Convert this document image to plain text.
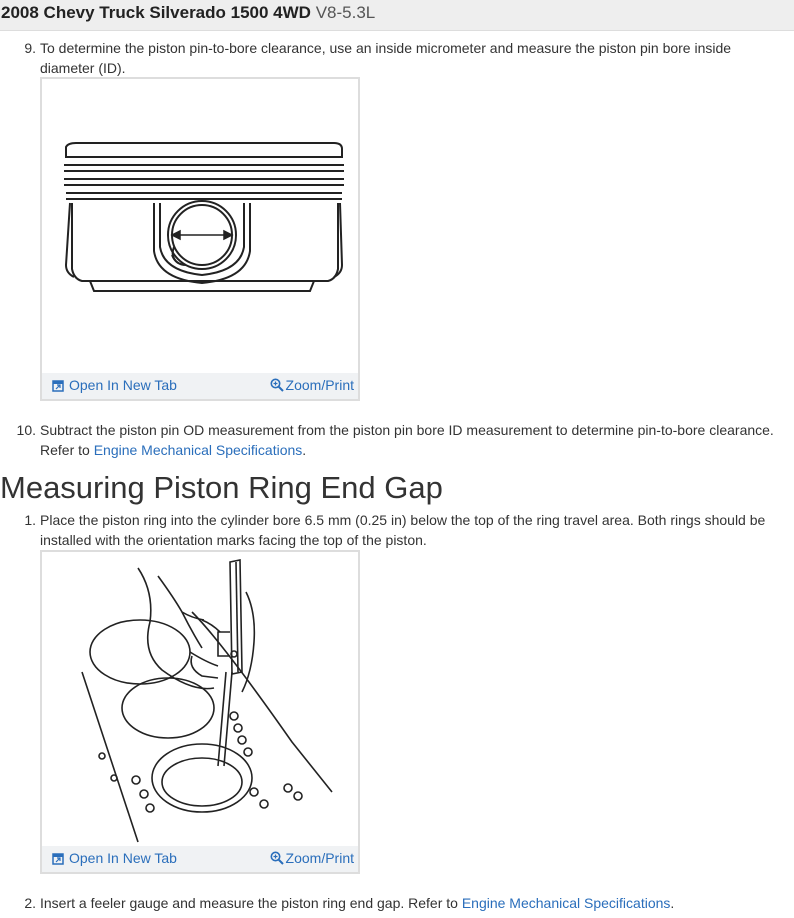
2008 Chevy Truck Silverado 1500 4WD V8-5.3L
9 . To determine the piston pin-to-bore clearance, use an inside micrometer and measure the piston pin bore inside diameter (ID).
Open In New Tab	Zoom/Print
10 . Subtract the piston pin OD measurement from the piston pin bore ID measurement to determine pin-to-bore clearance. Refer to Engine Mechanical Specifications.
Measuring Piston Ring End Gap
1 . Place the piston ring into the cylinder bore 6.5 mm (0.25 in) below the top of the ring travel area. Both rings should be installed with the orientation marks facing the top of the piston.
Open In New Tab	Zoom/Print
2 . Insert a feeler gauge and measure the piston ring end gap. Refer to Engine Mechanical Specifications.
